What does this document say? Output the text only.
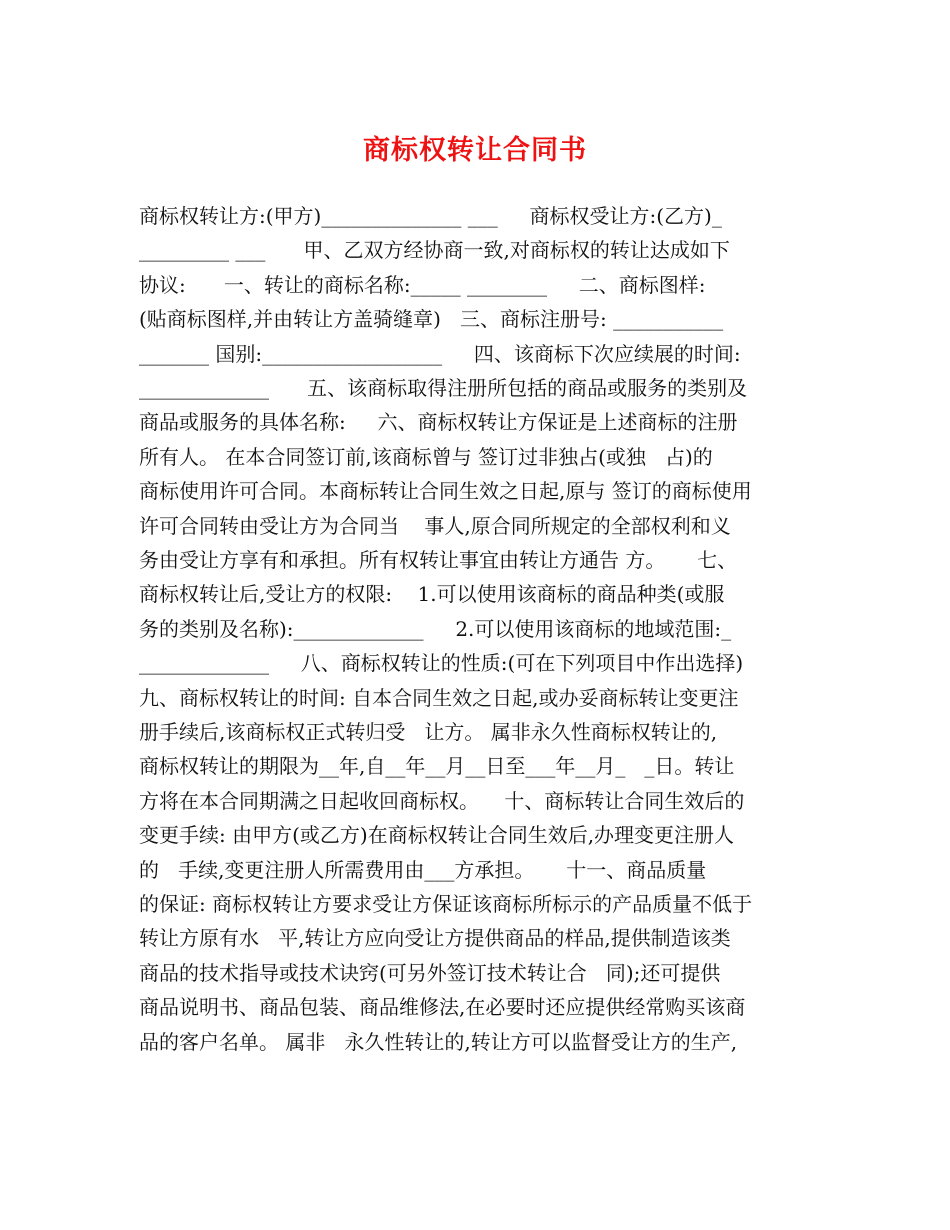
商标权转让合同书
商标权转让方:(甲方)______________ ___     商标权受让方:(乙方)_
_________ ___      甲、乙双方经协商一致,对商标权的转让达成如下
协议:      一、转让的商标名称:_____ ________     二、商标图样:
(贴商标图样,并由转让方盖骑缝章)   三、商标注册号: ___________
_______ 国别:__________________     四、该商标下次应续展的时间:
_____________      五、该商标取得注册所包括的商品或服务的类别及
商品或服务的具体名称:     六、商标权转让方保证是上述商标的注册
所有人。 在本合同签订前,该商标曾与 签订过非独占(或独   占)的
商标使用许可合同。本商标转让合同生效之日起,原与 签订的商标使用
许可合同转由受让方为合同当    事人,原合同所规定的全部权利和义
务由受让方享有和承担。所有权转让事宜由转让方通告 方。     七、
商标权转让后,受让方的权限:    1.可以使用该商标的商品种类(或服
务的类别及名称):_____________     2.可以使用该商标的地域范围:_
_____________     八、商标权转让的性质:(可在下列项目中作出选择)
九、商标权转让的时间: 自本合同生效之日起,或办妥商标转让变更注
册手续后,该商标权正式转归受   让方。 属非永久性商标权转让的,
商标权转让的期限为__年,自__年__月__日至___年__月_   _日。转让
方将在本合同期满之日起收回商标权。    十、商标转让合同生效后的
变更手续: 由甲方(或乙方)在商标权转让合同生效后,办理变更注册人
的   手续,变更注册人所需费用由___方承担。     十一、商品质量
的保证: 商标权转让方要求受让方保证该商标所标示的产品质量不低于
转让方原有水   平,转让方应向受让方提供商品的样品,提供制造该类
商品的技术指导或技术诀窍(可另外签订技术转让合   同);还可提供
商品说明书、商品包装、商品维修法,在必要时还应提供经常购买该商
品的客户名单。 属非   永久性转让的,转让方可以监督受让方的生产,
